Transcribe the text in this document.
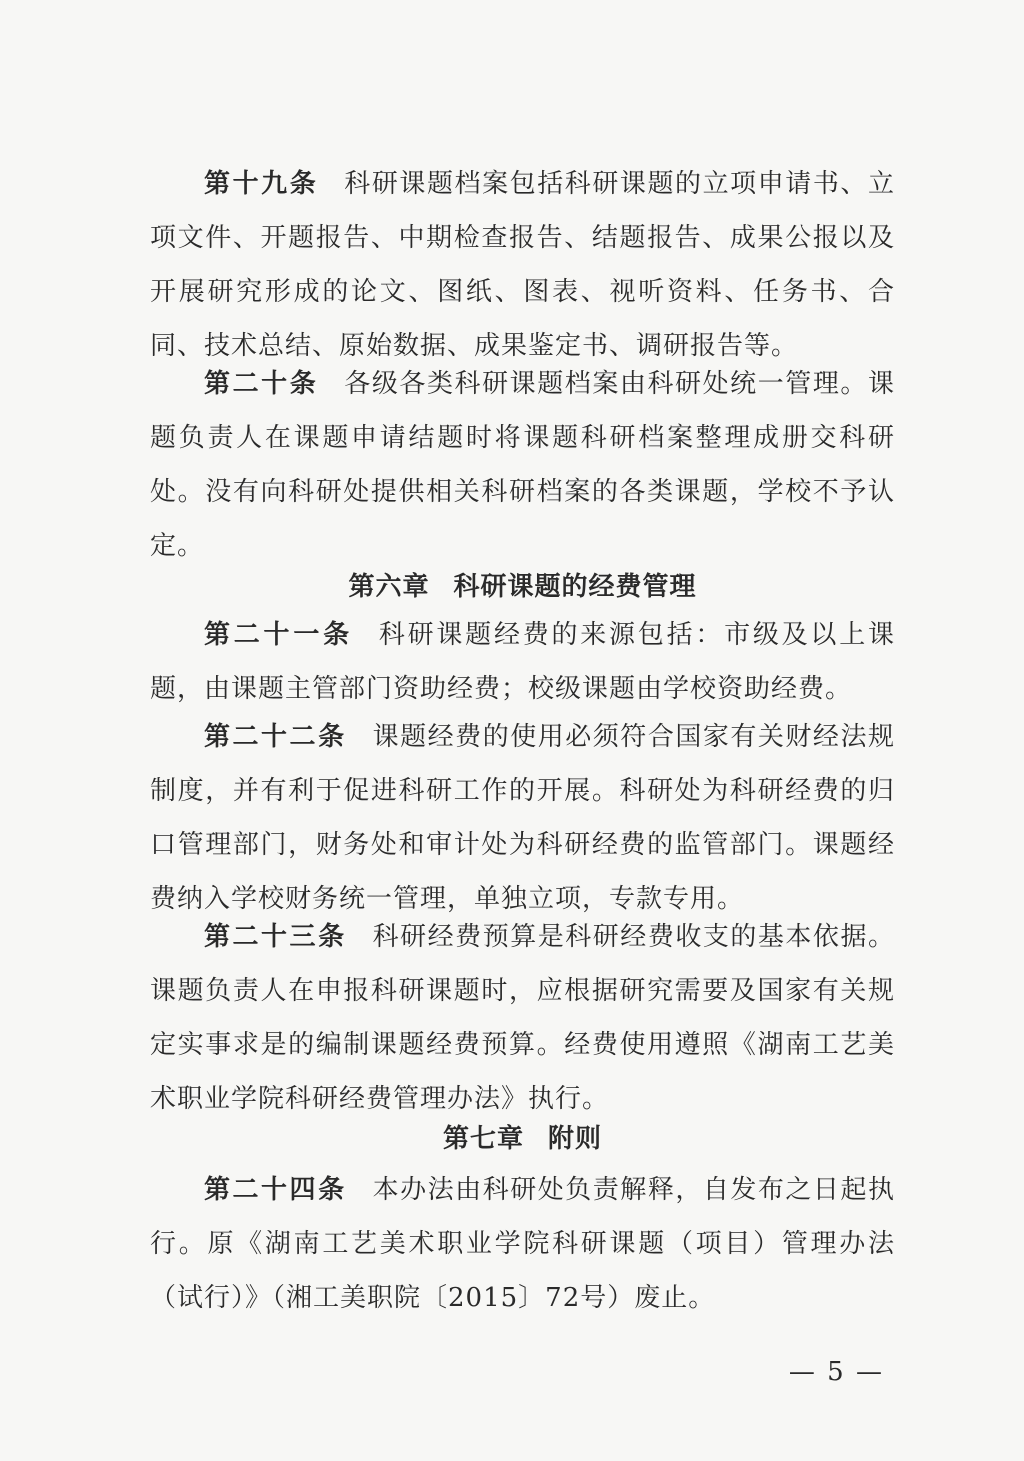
第十九条 科研课题档案包括科研课题的立项申请书、立项文件、开题报告、中期检查报告、结题报告、成果公报以及开展研究形成的论文、图纸、图表、视听资料、任务书、合同、技术总结、原始数据、成果鉴定书、调研报告等。

第二十条 各级各类科研课题档案由科研处统一管理。课题负责人在课题申请结题时将课题科研档案整理成册交科研处。没有向科研处提供相关科研档案的各类课题，学校不予认定。

第六章 科研课题的经费管理

第二十一条 科研课题经费的来源包括：市级及以上课题，由课题主管部门资助经费；校级课题由学校资助经费。

第二十二条 课题经费的使用必须符合国家有关财经法规制度，并有利于促进科研工作的开展。科研处为科研经费的归口管理部门，财务处和审计处为科研经费的监管部门。课题经费纳入学校财务统一管理，单独立项，专款专用。

第二十三条 科研经费预算是科研经费收支的基本依据。课题负责人在申报科研课题时，应根据研究需要及国家有关规定实事求是的编制课题经费预算。经费使用遵照《湖南工艺美术职业学院科研经费管理办法》执行。

第七章 附则

第二十四条 本办法由科研处负责解释，自发布之日起执行。原《湖南工艺美术职业学院科研课题（项目）管理办法（试行）》（湘工美职院〔2015〕72号）废止。

— 5 —
